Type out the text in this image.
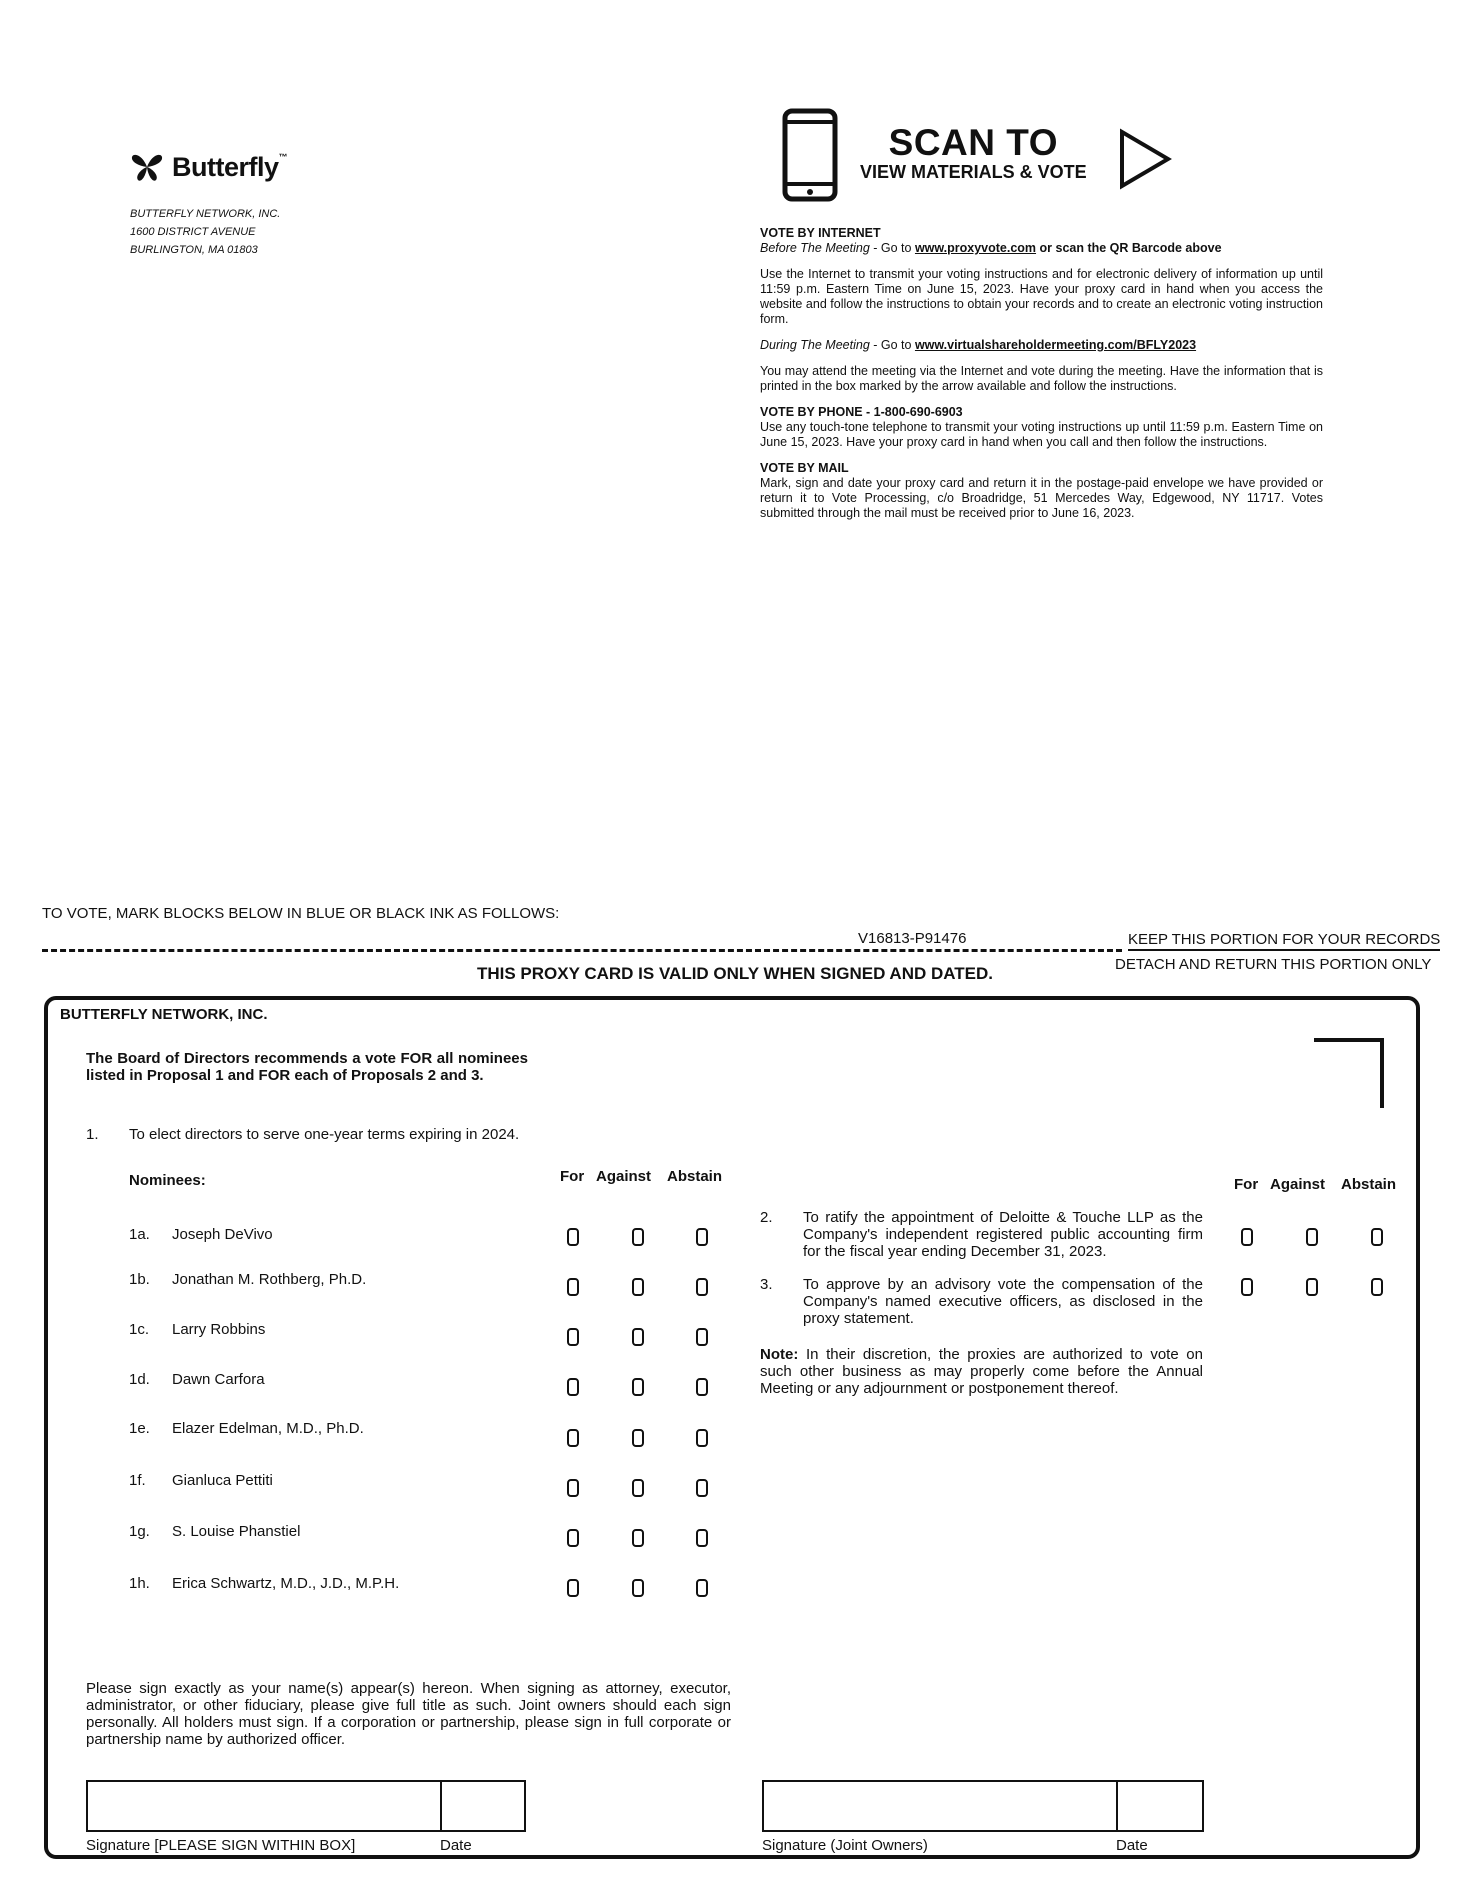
Butterfly™
BUTTERFLY NETWORK, INC.
1600 DISTRICT AVENUE
BURLINGTON, MA 01803
SCAN TO
VIEW MATERIALS & VOTE

VOTE BY INTERNET

Before The Meeting - Go to www.proxyvote.com or scan the QR Barcode above

Use the Internet to transmit your voting instructions and for electronic delivery of information up until 11:59 p.m. Eastern Time on June 15, 2023. Have your proxy card in hand when you access the website and follow the instructions to obtain your records and to create an electronic voting instruction form.

During The Meeting - Go to www.virtualshareholdermeeting.com/BFLY2023

You may attend the meeting via the Internet and vote during the meeting. Have the information that is printed in the box marked by the arrow available and follow the instructions.

VOTE BY PHONE - 1-800-690-6903

Use any touch-tone telephone to transmit your voting instructions up until 11:59 p.m. Eastern Time on June 15, 2023. Have your proxy card in hand when you call and then follow the instructions.

VOTE BY MAIL

Mark, sign and date your proxy card and return it in the postage-paid envelope we have provided or return it to Vote Processing, c/o Broadridge, 51 Mercedes Way, Edgewood, NY 11717. Votes submitted through the mail must be received prior to June 16, 2023.

TO VOTE, MARK BLOCKS BELOW IN BLUE OR BLACK INK AS FOLLOWS:
V16813-P91476	KEEP THIS PORTION FOR YOUR RECORDS
DETACH AND RETURN THIS PORTION ONLY
THIS PROXY CARD IS VALID ONLY WHEN SIGNED AND DATED.
BUTTERFLY NETWORK, INC.
The Board of Directors recommends a vote FOR all nominees listed in Proposal 1 and FOR each of Proposals 2 and 3.
1. To elect directors to serve one-year terms expiring in 2024.
Nominees:	For Against Abstain
1a. Joseph DeVivo
1b. Jonathan M. Rothberg, Ph.D.
1c. Larry Robbins
1d. Dawn Carfora
1e. Elazer Edelman, M.D., Ph.D.
1f. Gianluca Pettiti
1g. S. Louise Phanstiel
1h. Erica Schwartz, M.D., J.D., M.P.H.
For Against Abstain
2. To ratify the appointment of Deloitte & Touche LLP as the Company's independent registered public accounting firm for the fiscal year ending December 31, 2023.
3. To approve by an advisory vote the compensation of the Company's named executive officers, as disclosed in the proxy statement.
Note: In their discretion, the proxies are authorized to vote on such other business as may properly come before the Annual Meeting or any adjournment or postponement thereof.
Please sign exactly as your name(s) appear(s) hereon. When signing as attorney, executor, administrator, or other fiduciary, please give full title as such. Joint owners should each sign personally. All holders must sign. If a corporation or partnership, please sign in full corporate or partnership name by authorized officer.
Signature [PLEASE SIGN WITHIN BOX]	Date	Signature (Joint Owners)	Date
